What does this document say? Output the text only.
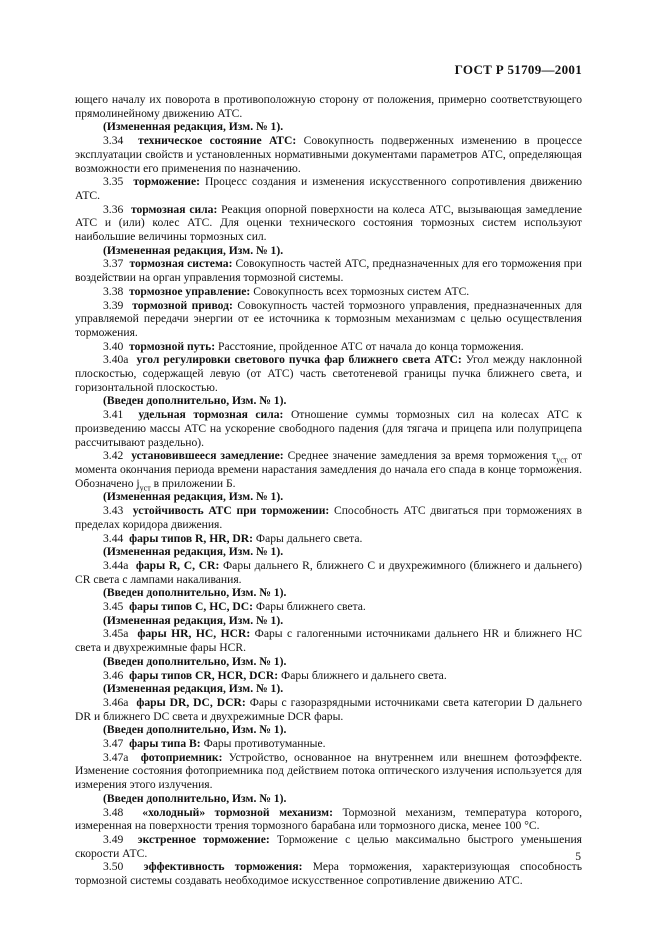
ГОСТ Р 51709—2001

ющего началу их поворота в противоположную сторону от положения, примерно соответствующего прямолинейному движению АТС.

(Измененная редакция, Изм. № 1).

3.34 техническое состояние АТС: Совокупность подверженных изменению в процессе эксплуатации свойств и установленных нормативными документами параметров АТС, определяющая возможности его применения по назначению.

3.35 торможение: Процесс создания и изменения искусственного сопротивления движению АТС.

3.36 тормозная сила: Реакция опорной поверхности на колеса АТС, вызывающая замедление АТС и (или) колес АТС. Для оценки технического состояния тормозных систем используют наибольшие величины тормозных сил.

(Измененная редакция, Изм. № 1).

3.37 тормозная система: Совокупность частей АТС, предназначенных для его торможения при воздействии на орган управления тормозной системы.

3.38 тормозное управление: Совокупность всех тормозных систем АТС.

3.39 тормозной привод: Совокупность частей тормозного управления, предназначенных для управляемой передачи энергии от ее источника к тормозным механизмам с целью осуществления торможения.

3.40 тормозной путь: Расстояние, пройденное АТС от начала до конца торможения.

3.40а угол регулировки светового пучка фар ближнего света АТС: Угол между наклонной плоскостью, содержащей левую (от АТС) часть светотеневой границы пучка ближнего света, и горизонтальной плоскостью.

(Введен дополнительно, Изм. № 1).

3.41 удельная тормозная сила: Отношение суммы тормозных сил на колесах АТС к произведению массы АТС на ускорение свободного падения (для тягача и прицепа или полуприцепа рассчитывают раздельно).

3.42 установившееся замедление: Среднее значение замедления за время торможения $\tau_{уст}$ от момента окончания периода времени нарастания замедления до начала его спада в конце торможения. Обозначено $j_{уст}$ в приложении Б.

(Измененная редакция, Изм. № 1).

3.43 устойчивость АТС при торможении: Способность АТС двигаться при торможениях в пределах коридора движения.

3.44 фары типов R, HR, DR: Фары дальнего света.

(Измененная редакция, Изм. № 1).

3.44а фары R, C, CR: Фары дальнего R, ближнего C и двухрежимного (ближнего и дальнего) CR света с лампами накаливания.

(Введен дополнительно, Изм. № 1).

3.45 фары типов C, HC, DC: Фары ближнего света.

(Измененная редакция, Изм. № 1).

3.45а фары HR, HC, HCR: Фары с галогенными источниками дальнего HR и ближнего HC света и двухрежимные фары HCR.

(Введен дополнительно, Изм. № 1).

3.46 фары типов CR, HCR, DCR: Фары ближнего и дальнего света.

(Измененная редакция, Изм. № 1).

3.46а фары DR, DC, DCR: Фары с газоразрядными источниками света категории D дальнего DR и ближнего DC света и двухрежимные DCR фары.

(Введен дополнительно, Изм. № 1).

3.47 фары типа B: Фары противотуманные.

3.47а фотоприемник: Устройство, основанное на внутреннем или внешнем фотоэффекте. Изменение состояния фотоприемника под действием потока оптического излучения используется для измерения этого излучения.

(Введен дополнительно, Изм. № 1).

3.48 «холодный» тормозной механизм: Тормозной механизм, температура которого, измеренная на поверхности трения тормозного барабана или тормозного диска, менее 100 °С.

3.49 экстренное торможение: Торможение с целью максимально быстрого уменьшения скорости АТС.

3.50 эффективность торможения: Мера торможения, характеризующая способность тормозной системы создавать необходимое искусственное сопротивление движению АТС.

5
